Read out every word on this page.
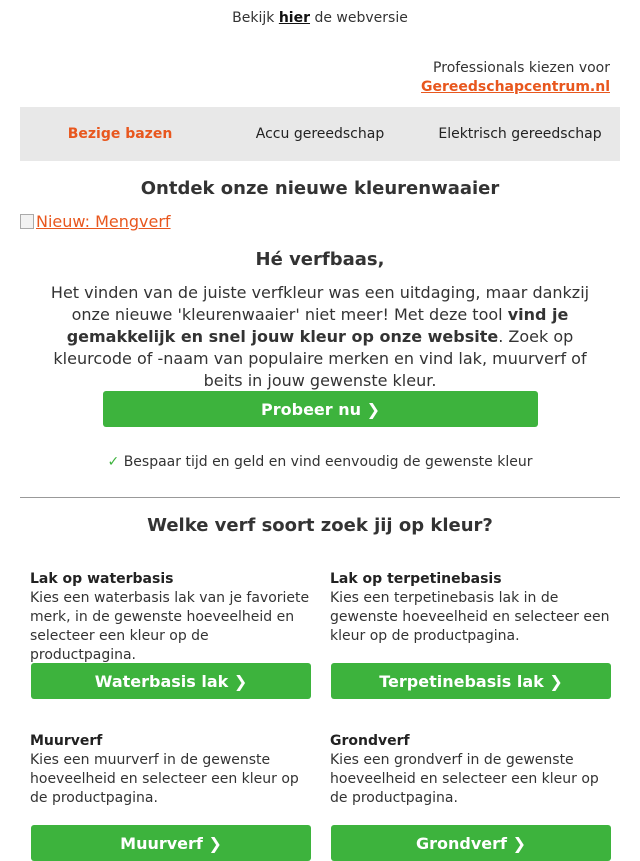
Bekijk hier de webversie
Professionals kiezen voor
Gereedschapcentrum.nl
Bezige bazen	Accu gereedschap	Elektrisch gereedschap
Ontdek onze nieuwe kleurenwaaier
Nieuw: Mengverf
Hé verfbaas,
Het vinden van de juiste verfkleur was een uitdaging, maar dankzij onze nieuwe 'kleurenwaaier' niet meer! Met deze tool vind je gemakkelijk en snel jouw kleur op onze website. Zoek op kleurcode of -naam van populaire merken en vind lak, muurverf of beits in jouw gewenste kleur.
Probeer nu ❯
✓ Bespaar tijd en geld en vind eenvoudig de gewenste kleur
Welke verf soort zoek jij op kleur?
Lak op waterbasis
Kies een waterbasis lak van je favoriete merk, in de gewenste hoeveelheid en selecteer een kleur op de productpagina.
Waterbasis lak ❯
Lak op terpetinebasis
Kies een terpetinebasis lak in de gewenste hoeveelheid en selecteer een kleur op de productpagina.
Terpetinebasis lak ❯
Muurverf
Kies een muurverf in de gewenste hoeveelheid en selecteer een kleur op de productpagina.
Muurverf ❯
Grondverf
Kies een grondverf in de gewenste hoeveelheid en selecteer een kleur op de productpagina.
Grondverf ❯
